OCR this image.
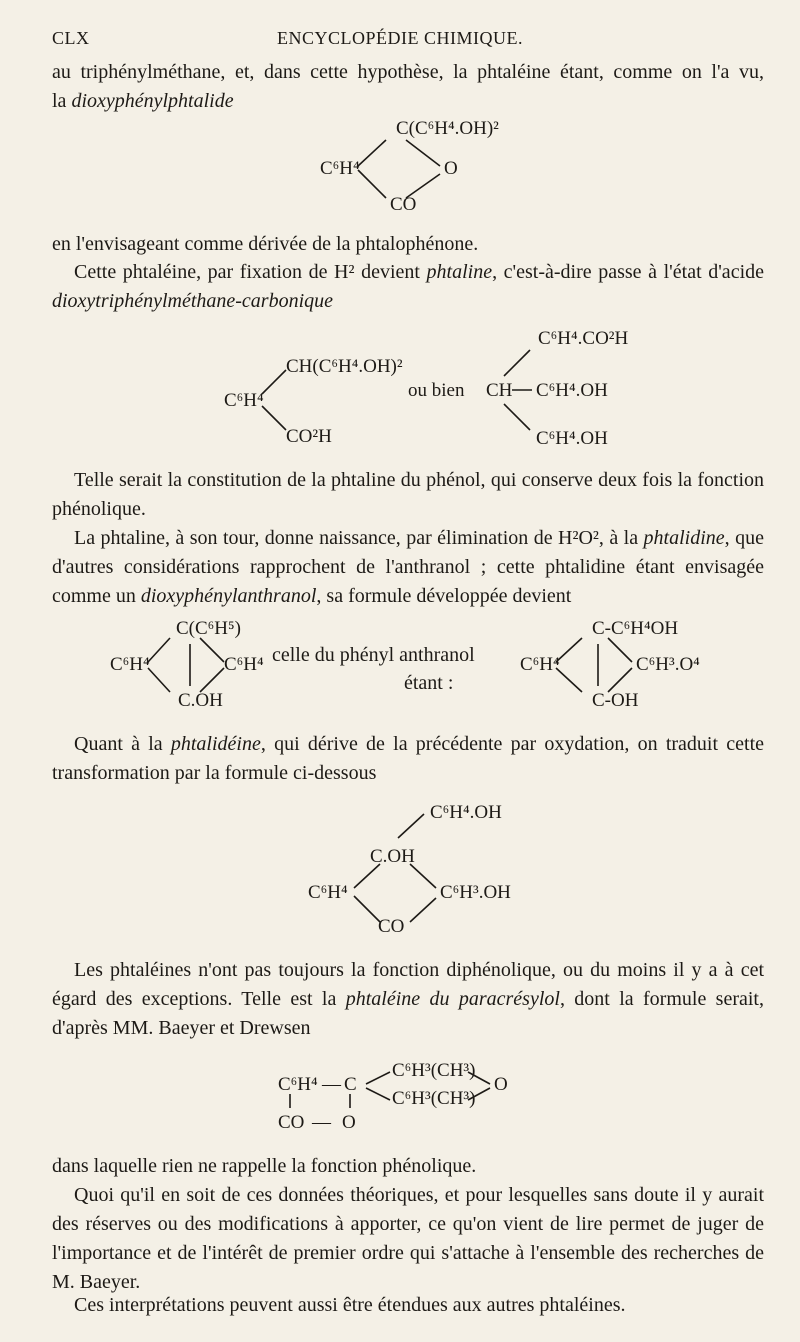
CLX	ENCYCLOPÉDIE CHIMIQUE.
au triphénylméthane, et, dans cette hypothèse, la phtaléine étant, comme on l'a vu,
la dioxyphénylphtalide
C(C⁶H⁴.OH)²
C⁶H⁴	O
CO
en l'envisageant comme dérivée de la phtalophénone.
Cette phtaléine, par fixation de H² devient phtaline, c'est-à-dire passe à l'état d'acide dioxytriphénylméthane-carbonique
CH(C⁶H⁴.OH)²
C⁶H⁴
CO²H
ou bien
C⁶H⁴.CO²H
CH C⁶H⁴.OH
C⁶H⁴.OH
Telle serait la constitution de la phtaline du phénol, qui conserve deux fois la fonction phénolique.
La phtaline, à son tour, donne naissance, par élimination de H²O², à la phtalidine, que d'autres considérations rapprochent de l'anthranol ; cette phtalidine étant envisagée comme un dioxyphénylanthranol, sa formule développée devient
C(C⁶H⁵)
C⁶H⁴	C⁶H⁴
C.OH
celle du phényl anthranol
étant :
C-C⁶H⁴OH
C⁶H⁴	C⁶H³.O⁴
C-OH
Quant à la phtalidéine, qui dérive de la précédente par oxydation, on traduit cette transformation par la formule ci-dessous
C⁶H⁴.OH
C.OH
C⁶H⁴	C⁶H³.OH
CO
Les phtaléines n'ont pas toujours la fonction diphénolique, ou du moins il y a à cet égard des exceptions. Telle est la phtaléine du paracrésylol, dont la formule serait, d'après MM. Baeyer et Drewsen
C⁶H⁴ — C
C⁶H³(CH³)
C⁶H³(CH³)
O
CO — O
dans laquelle rien ne rappelle la fonction phénolique.
Quoi qu'il en soit de ces données théoriques, et pour lesquelles sans doute il y aurait des réserves ou des modifications à apporter, ce qu'on vient de lire permet de juger de l'importance et de l'intérêt de premier ordre qui s'attache à l'ensemble des recherches de M. Baeyer.
Ces interprétations peuvent aussi être étendues aux autres phtaléines.
